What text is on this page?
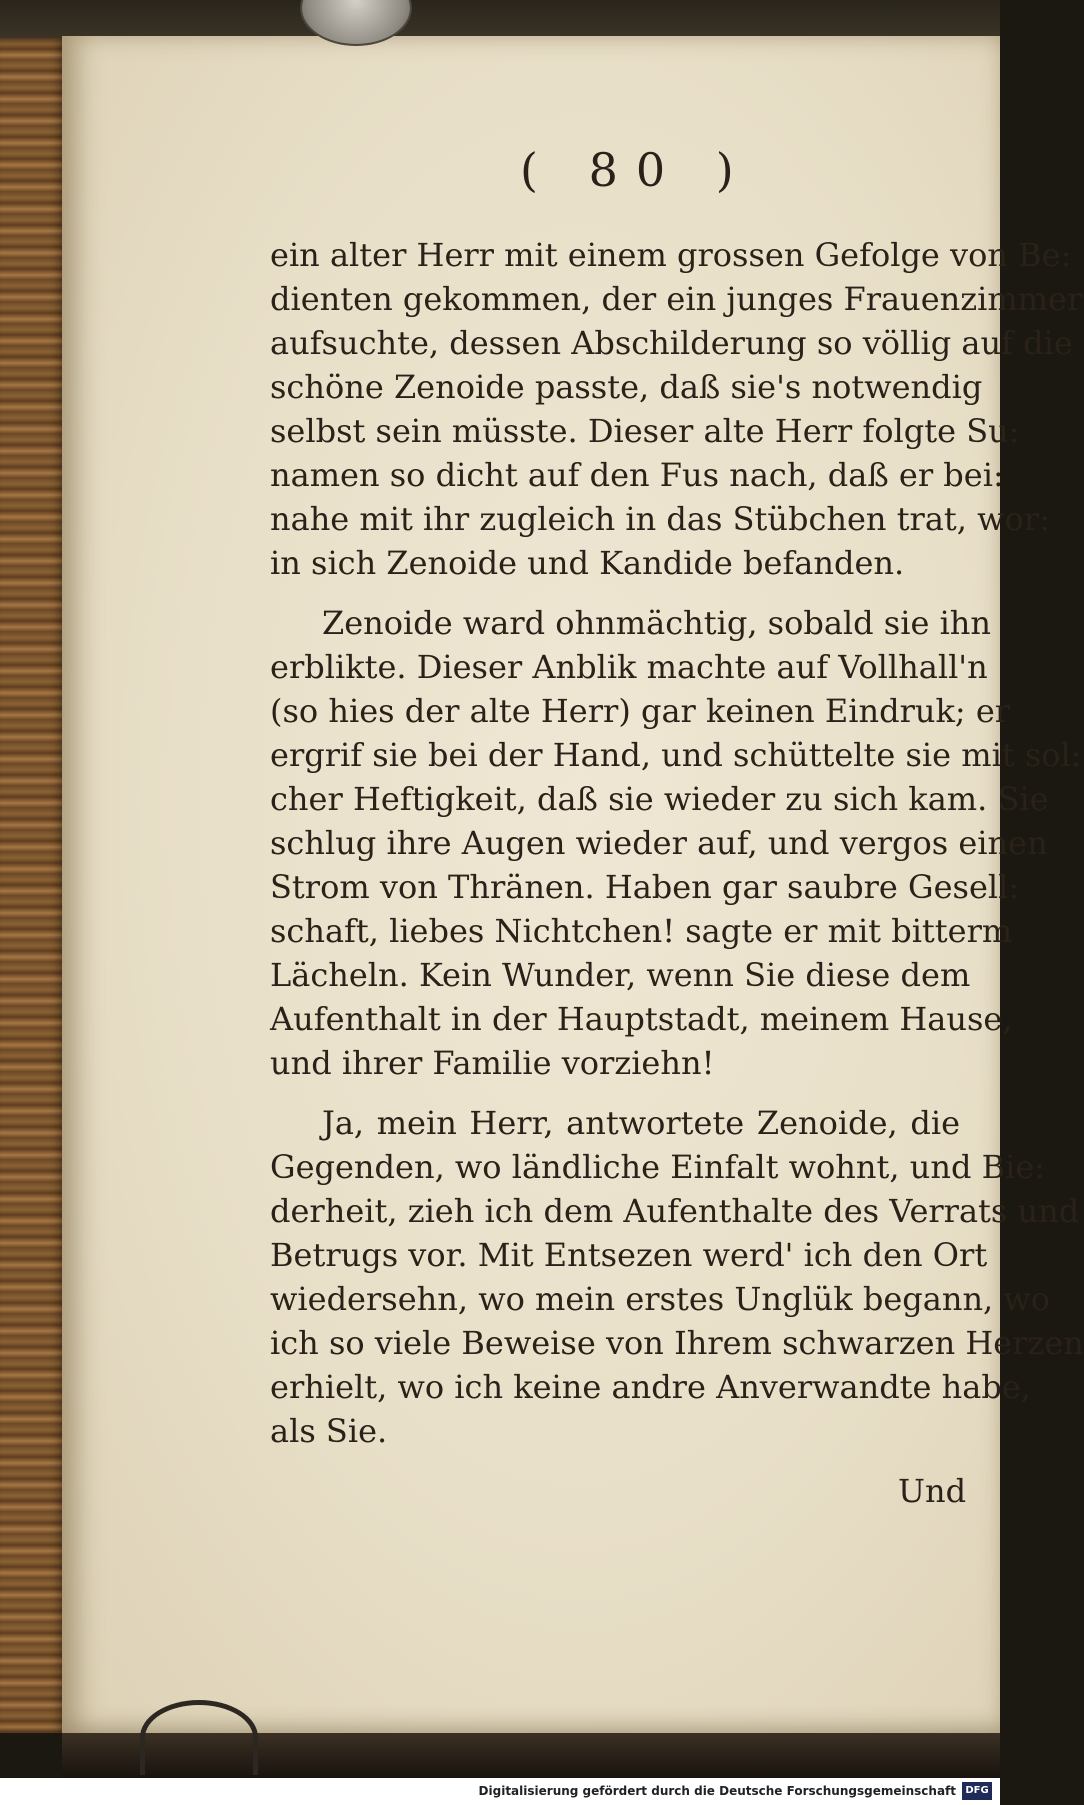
( 80 )
ein alter Herr mit einem grossen Gefolge von Be:
dienten gekommen, der ein junges Frauenzimmer
aufsuchte, dessen Abschilderung so völlig auf die
schöne Zenoide passte, daß sie's notwendig
selbst sein müsste. Dieser alte Herr folgte Su:
namen so dicht auf den Fus nach, daß er bei:
nahe mit ihr zugleich in das Stübchen trat, wor:
in sich Zenoide und Kandide befanden.
Zenoide ward ohnmächtig, sobald sie ihn
erblikte. Dieser Anblik machte auf Vollhall'n
(so hies der alte Herr) gar keinen Eindruk; er
ergrif sie bei der Hand, und schüttelte sie mit sol:
cher Heftigkeit, daß sie wieder zu sich kam. Sie
schlug ihre Augen wieder auf, und vergos einen
Strom von Thränen. Haben gar saubre Gesell:
schaft, liebes Nichtchen! sagte er mit bitterm
Lächeln. Kein Wunder, wenn Sie diese dem
Aufenthalt in der Hauptstadt, meinem Hause,
und ihrer Familie vorziehn!
Ja, mein Herr, antwortete Zenoide, die
Gegenden, wo ländliche Einfalt wohnt, und Bie:
derheit, zieh ich dem Aufenthalte des Verrats und
Betrugs vor. Mit Entsezen werd' ich den Ort
wiedersehn, wo mein erstes Unglük begann, wo
ich so viele Beweise von Ihrem schwarzen Herzen
erhielt, wo ich keine andre Anverwandte habe,
als Sie.
Und
Digitalisierung gefördert durch die Deutsche Forschungsgemeinschaft DFG
